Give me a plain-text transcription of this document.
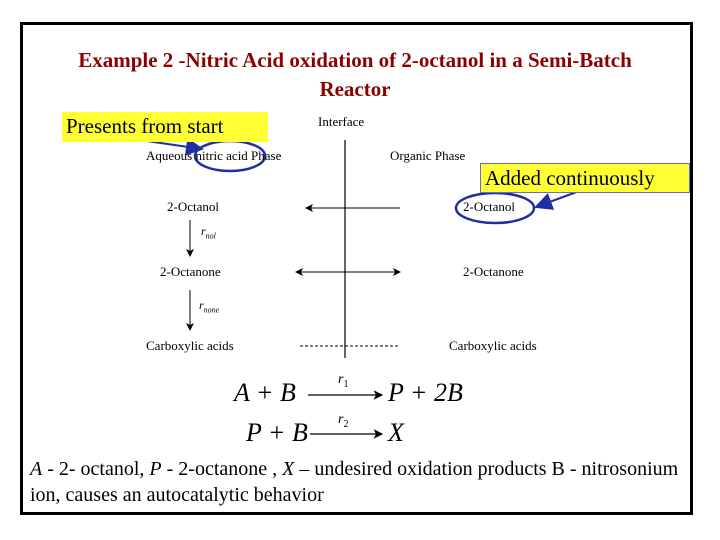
Example 2 -Nitric Acid oxidation of 2-octanol in a Semi-Batch
Reactor
Presents from start
Added continuously
Interface
Aqueous nitric acid Phase	Organic Phase
2-Octanol
2-Octanone
Carboxylic acids
2-Octanol
2-Octanone
Carboxylic acids
$r_{nol}$
$r_{none}$
A + B	$r_1$ P + 2B
P + B $r_2$ X
A - 2- octanol, P - 2-octanone , X – undesired oxidation products B - nitrosonium ion, causes an autocatalytic behavior
